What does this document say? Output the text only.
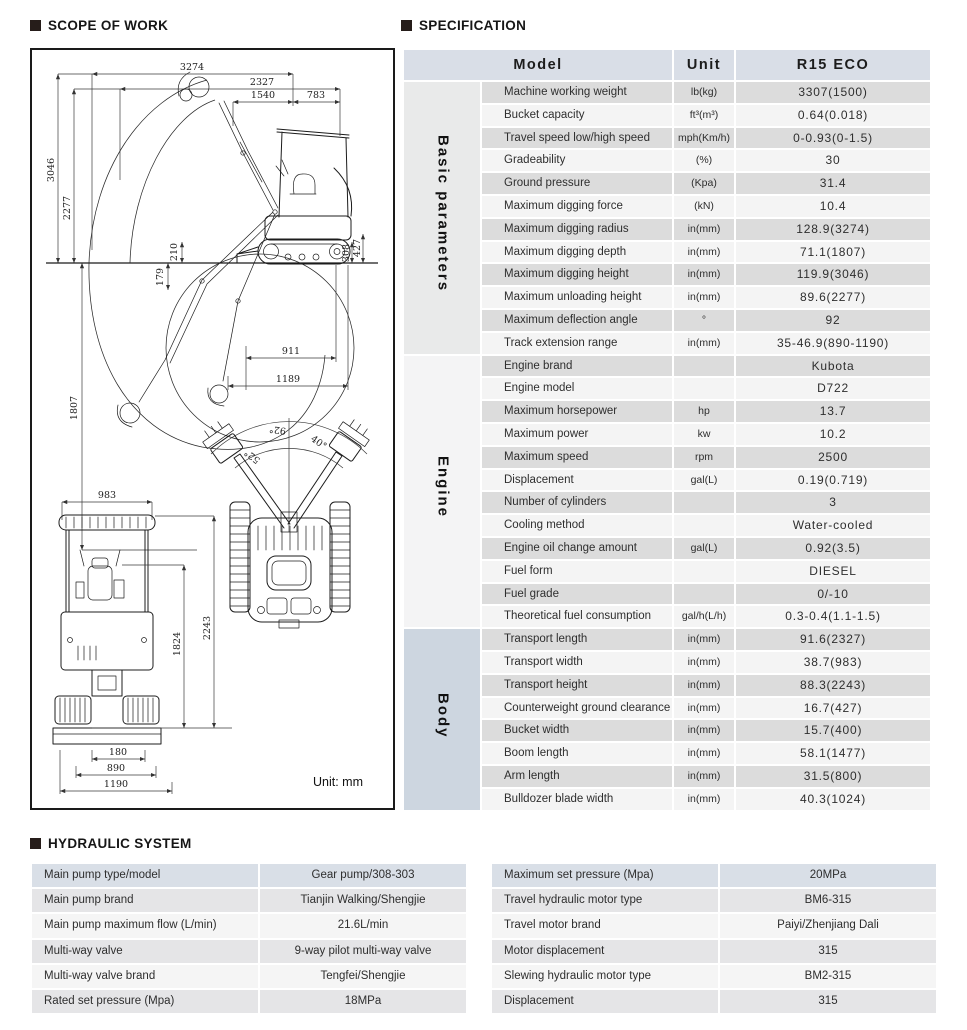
SCOPE OF WORK
3274
2327
1540	783
3046
2277
210
179
1807
911
1189
308 427
983
1824
2243
180
890
1190
92°
52°
40°
Unit: mm
SPECIFICATION
Model		Unit	R15 ECO
Basic parameters	Machine working weight	lb(kg)	3307(1500)
	Bucket capacity	ft³(m³)	0.64(0.018)
	Travel speed low/high speed	mph(Km/h)	0-0.93(0-1.5)
	Gradeability	(%)	30
	Ground pressure	(Kpa)	31.4
	Maximum digging force	(kN)	10.4
	Maximum digging radius	in(mm)	128.9(3274)
	Maximum digging depth	in(mm)	71.1(1807)
	Maximum digging height	in(mm)	119.9(3046)
	Maximum unloading height	in(mm)	89.6(2277)
	Maximum deflection angle	°	92
	Track extension range	in(mm)	35-46.9(890-1190)
Engine	Engine brand		Kubota
	Engine model		D722
	Maximum horsepower	hp	13.7
	Maximum power	kw	10.2
	Maximum speed	rpm	2500
	Displacement	gal(L)	0.19(0.719)
	Number of cylinders		3
	Cooling method		Water-cooled
	Engine oil change amount	gal(L)	0.92(3.5)
	Fuel form		DIESEL
	Fuel grade		0/-10
	Theoretical fuel consumption	gal/h(L/h)	0.3-0.4(1.1-1.5)
Body	Transport length	in(mm)	91.6(2327)
	Transport width	in(mm)	38.7(983)
	Transport height	in(mm)	88.3(2243)
	Counterweight ground clearance	in(mm)	16.7(427)
	Bucket width	in(mm)	15.7(400)
	Boom length	in(mm)	58.1(1477)
	Arm length	in(mm)	31.5(800)
	Bulldozer blade width	in(mm)	40.3(1024)
HYDRAULIC SYSTEM
Main pump type/model	Gear pump/308-303
Main pump brand	Tianjin Walking/Shengjie
Main pump maximum flow (L/min)	21.6L/min
Multi-way valve	9-way pilot multi-way valve
Multi-way valve brand	Tengfei/Shengjie
Rated set pressure (Mpa)	18MPa
Maximum set pressure (Mpa)	20MPa
Travel hydraulic motor type	BM6-315
Travel motor brand	Paiyi/Zhenjiang Dali
Motor displacement	315
Slewing hydraulic motor type	BM2-315
Displacement	315
